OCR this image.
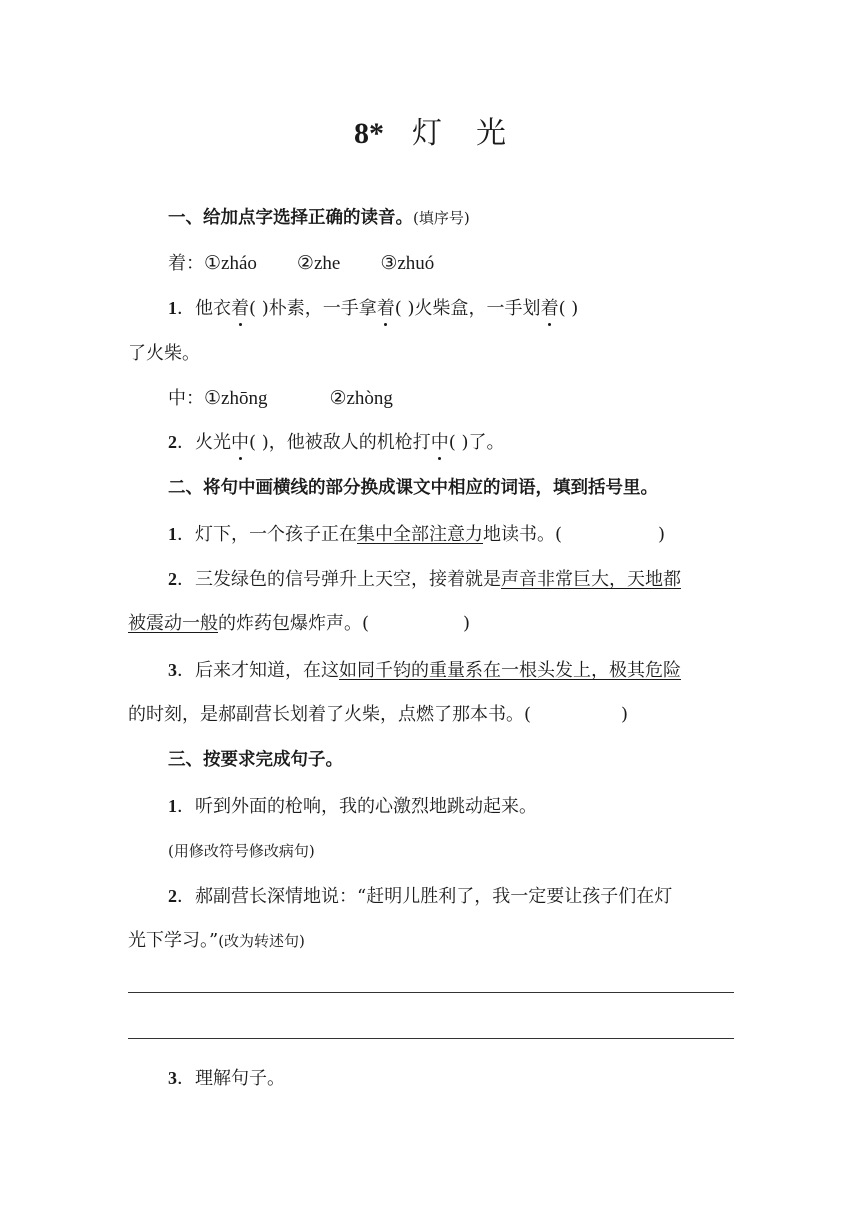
8* 灯 光
一、给加点字选择正确的读音。(填序号)
着：①zháo ②zhe ③zhuó
1．他衣着( )朴素，一手拿着( )火柴盒，一手划着( )
了火柴。
中：①zhōng	②zhòng
2．火光中( )，他被敌人的机枪打中( )了。
二、将句中画横线的部分换成课文中相应的词语，填到括号里。
1．灯下，一个孩子正在集中全部注意力地读书。(	)
2．三发绿色的信号弹升上天空，接着就是声音非常巨大，天地都
被震动一般的炸药包爆炸声。(	)
3．后来才知道，在这如同千钧的重量系在一根头发上，极其危险
的时刻，是郝副营长划着了火柴，点燃了那本书。(	)
三、按要求完成句子。
1．听到外面的枪响，我的心激烈地跳动起来。
(用修改符号修改病句)
2．郝副营长深情地说：“赶明儿胜利了，我一定要让孩子们在灯
光下学习。”(改为转述句)
3．理解句子。
